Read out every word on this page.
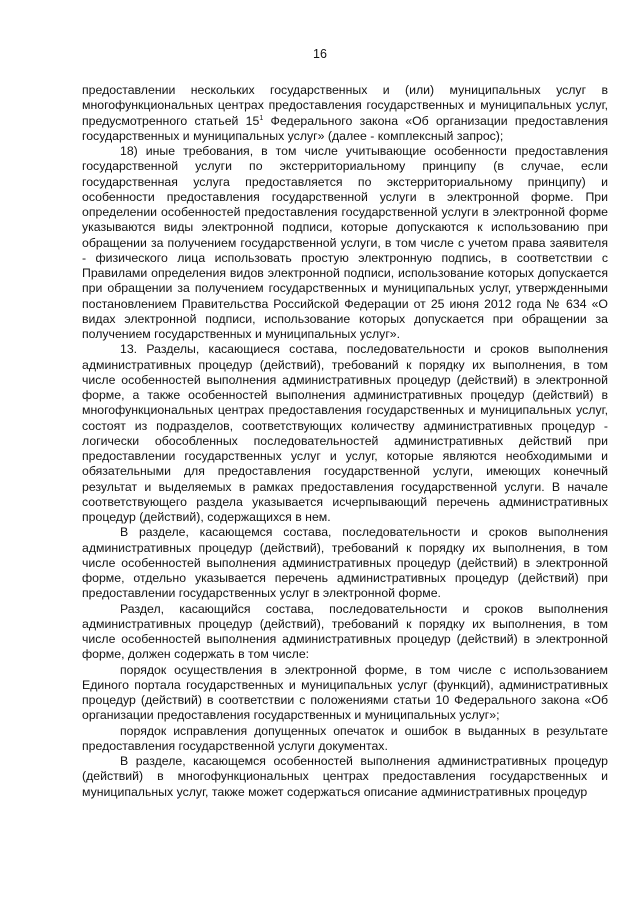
16

предоставлении нескольких государственных и (или) муниципальных услуг в многофункциональных центрах предоставления государственных и муниципальных услуг, предусмотренного статьей $15^1$ Федерального закона «Об организации предоставления государственных и муниципальных услуг» (далее - комплексный запрос);

18) иные требования, в том числе учитывающие особенности предоставления государственной услуги по экстерриториальному принципу (в случае, если государственная услуга предоставляется по экстерриториальному принципу) и особенности предоставления государственной услуги в электронной форме. При определении особенностей предоставления государственной услуги в электронной форме указываются виды электронной подписи, которые допускаются к использованию при обращении за получением государственной услуги, в том числе с учетом права заявителя - физического лица использовать простую электронную подпись, в соответствии с Правилами определения видов электронной подписи, использование которых допускается при обращении за получением государственных и муниципальных услуг, утвержденными постановлением Правительства Российской Федерации от 25 июня 2012 года № 634 «О видах электронной подписи, использование которых допускается при обращении за получением государственных и муниципальных услуг».

13. Разделы, касающиеся состава, последовательности и сроков выполнения административных процедур (действий), требований к порядку их выполнения, в том числе особенностей выполнения административных процедур (действий) в электронной форме, а также особенностей выполнения административных процедур (действий) в многофункциональных центрах предоставления государственных и муниципальных услуг, состоят из подразделов, соответствующих количеству административных процедур - логически обособленных последовательностей административных действий при предоставлении государственных услуг и услуг, которые являются необходимыми и обязательными для предоставления государственной услуги, имеющих конечный результат и выделяемых в рамках предоставления государственной услуги. В начале соответствующего раздела указывается исчерпывающий перечень административных процедур (действий), содержащихся в нем.

В разделе, касающемся состава, последовательности и сроков выполнения административных процедур (действий), требований к порядку их выполнения, в том числе особенностей выполнения административных процедур (действий) в электронной форме, отдельно указывается перечень административных процедур (действий) при предоставлении государственных услуг в электронной форме.

Раздел, касающийся состава, последовательности и сроков выполнения административных процедур (действий), требований к порядку их выполнения, в том числе особенностей выполнения административных процедур (действий) в электронной форме, должен содержать в том числе:

порядок осуществления в электронной форме, в том числе с использованием Единого портала государственных и муниципальных услуг (функций), административных процедур (действий) в соответствии с положениями статьи 10 Федерального закона «Об организации предоставления государственных и муниципальных услуг»;

порядок исправления допущенных опечаток и ошибок в выданных в результате предоставления государственной услуги документах.

В разделе, касающемся особенностей выполнения административных процедур (действий) в многофункциональных центрах предоставления государственных и муниципальных услуг, также может содержаться описание административных процедур
